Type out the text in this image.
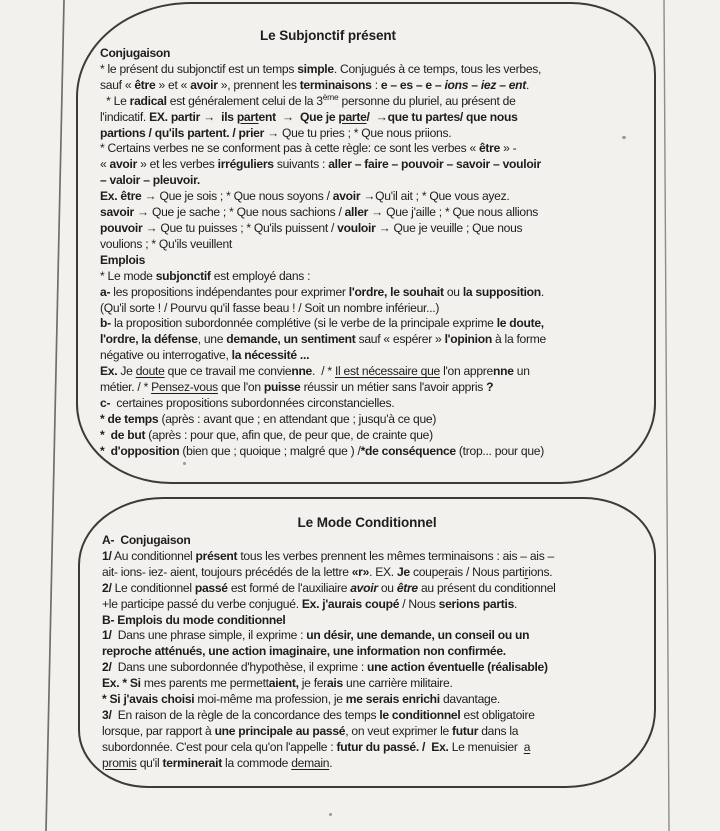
Le Subjonctif présent
Conjugaison
* le présent du subjonctif est un temps simple. Conjugués à ce temps, tous les verbes,
sauf « être » et « avoir », prennent les terminaisons : e – es – e – ions – iez – ent.
* Le radical est généralement celui de la 3ème personne du pluriel, au présent de
l'indicatif. EX. partir →  ils partent  →  Que je parte/  →que tu partes/ que nous
partions / qu'ils partent. / prier → Que tu pries ; * Que nous priions.
* Certains verbes ne se conforment pas à cette règle: ce sont les verbes « être » -
« avoir » et les verbes irréguliers suivants : aller – faire – pouvoir – savoir – vouloir
– valoir – pleuvoir.
Ex. être → Que je sois ; * Que nous soyons / avoir →Qu'il ait ; * Que vous ayez.
savoir → Que je sache ; * Que nous sachions / aller → Que j'aille ; * Que nous allions
pouvoir → Que tu puisses ; * Qu'ils puissent / vouloir → Que je veuille ; Que nous
voulions ; * Qu'ils veuillent
Emplois
* Le mode subjonctif est employé dans :
a- les propositions indépendantes pour exprimer l'ordre, le souhait ou la supposition.
(Qu'il sorte ! / Pourvu qu'il fasse beau ! / Soit un nombre inférieur...)
b- la proposition subordonnée complétive (si le verbe de la principale exprime le doute,
l'ordre, la défense, une demande, un sentiment sauf « espérer » l'opinion à la forme
négative ou interrogative, la nécessité ...
Ex. Je doute que ce travail me convienne.  / * Il est nécessaire que l'on apprenne un
métier. / * Pensez-vous que l'on puisse réussir un métier sans l'avoir appris ?
c-  certaines propositions subordonnées circonstancielles.
* de temps (après : avant que ; en attendant que ; jusqu'à ce que)
* de but (après : pour que, afin que, de peur que, de crainte que)
* d'opposition (bien que ; quoique ; malgré que ) /*de conséquence (trop... pour que)
Le Mode Conditionnel
A-  Conjugaison
1/ Au conditionnel présent tous les verbes prennent les mêmes terminaisons : ais – ais –
ait- ions- iez- aient, toujours précédés de la lettre «r». EX. Je couperais / Nous partirions.
2/ Le conditionnel passé est formé de l'auxiliaire avoir ou être au présent du conditionnel
+le participe passé du verbe conjugué. Ex. j'aurais coupé / Nous serions partis.
B- Emplois du mode conditionnel
1/  Dans une phrase simple, il exprime : un désir, une demande, un conseil ou un
reproche atténués, une action imaginaire, une information non confirmée.
2/  Dans une subordonnée d'hypothèse, il exprime : une action éventuelle (réalisable)
Ex. * Si mes parents me permettaient, je ferais une carrière militaire.
* Si j'avais choisi moi-même ma profession, je me serais enrichi davantage.
3/  En raison de la règle de la concordance des temps le conditionnel est obligatoire
lorsque, par rapport à une principale au passé, on veut exprimer le futur dans la
subordonnée. C'est pour cela qu'on l'appelle : futur du passé. / Ex. Le menuisier  a
promis qu'il terminerait la commode demain.
